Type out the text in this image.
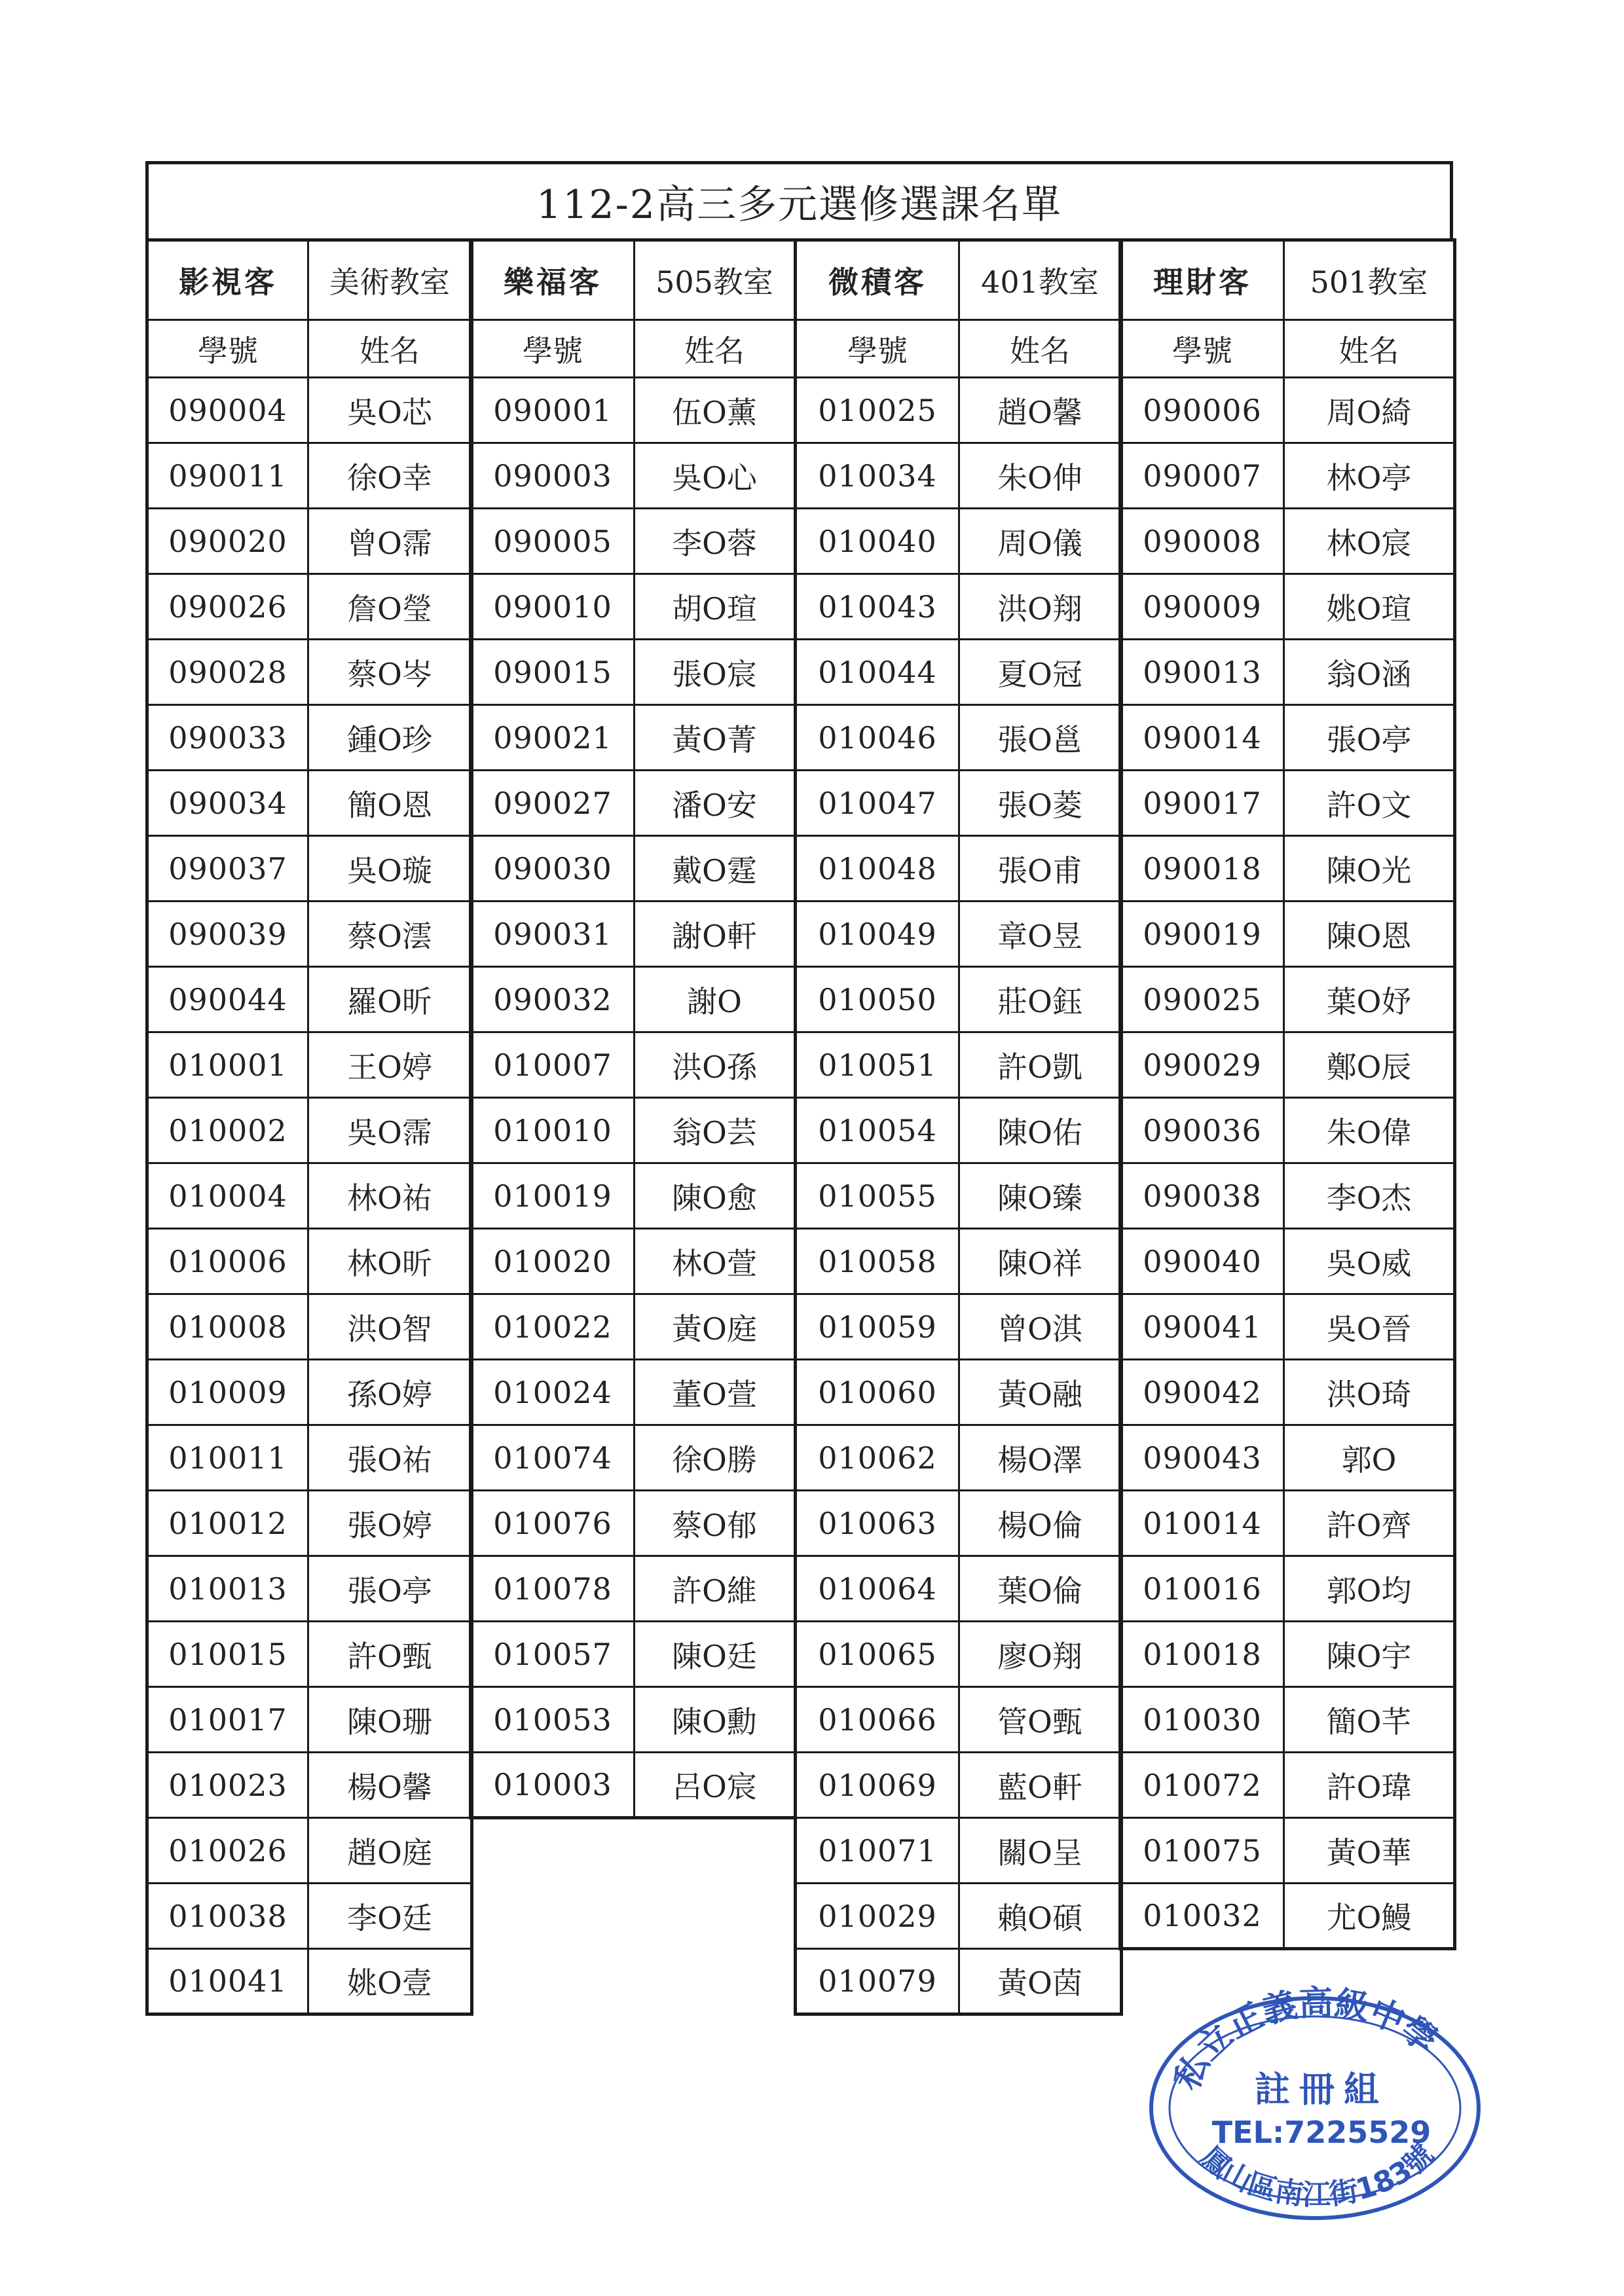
112-2高三多元選修選課名單
影視客	美術教室
學號	姓名
090004	吳O芯
090011	徐O幸
090020	曾O霈
090026	詹O瑩
090028	蔡O岑
090033	鍾O珍
090034	簡O恩
090037	吳O璇
090039	蔡O澐
090044	羅O昕
010001	王O婷
010002	吳O霈
010004	林O祐
010006	林O昕
010008	洪O智
010009	孫O婷
010011	張O祐
010012	張O婷
010013	張O亭
010015	許O甄
010017	陳O珊
010023	楊O馨
010026	趙O庭
010038	李O廷
010041	姚O壹
樂福客	505教室
學號	姓名
090001	伍O薰
090003	吳O心
090005	李O蓉
090010	胡O瑄
090015	張O宸
090021	黃O菁
090027	潘O安
090030	戴O霆
090031	謝O軒
090032	謝O
010007	洪O孫
010010	翁O芸
010019	陳O愈
010020	林O萱
010022	黃O庭
010024	董O萱
010074	徐O勝
010076	蔡O郁
010078	許O維
010057	陳O廷
010053	陳O勳
010003	呂O宸
微積客	401教室
學號	姓名
010025	趙O馨
010034	朱O伸
010040	周O儀
010043	洪O翔
010044	夏O冠
010046	張O邕
010047	張O菱
010048	張O甫
010049	章O昱
010050	莊O鈺
010051	許O凱
010054	陳O佑
010055	陳O臻
010058	陳O祥
010059	曾O淇
010060	黃O融
010062	楊O澤
010063	楊O倫
010064	葉O倫
010065	廖O翔
010066	管O甄
010069	藍O軒
010071	關O呈
010029	賴O碩
010079	黃O茵
理財客	501教室
學號	姓名
090006	周O綺
090007	林O亭
090008	林O宸
090009	姚O瑄
090013	翁O涵
090014	張O亭
090017	許O文
090018	陳O光
090019	陳O恩
090025	葉O妤
090029	鄭O辰
090036	朱O偉
090038	李O杰
090040	吳O威
090041	吳O晉
090042	洪O琦
090043	郭O
010014	許O齊
010016	郭O均
010018	陳O宇
010030	簡O芊
010072	許O瑋
010075	黃O華
010032	尤O鰻
私立正義高級中學
註冊組
TEL:7225529
鳳山區南江街183號
